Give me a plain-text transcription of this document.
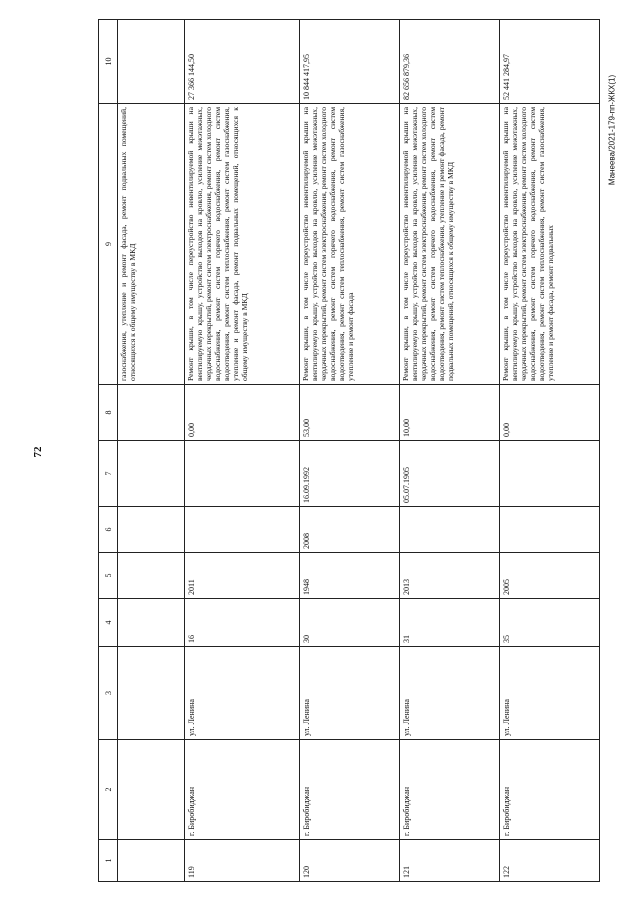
72
Манеева/2021-179-пп-ЖКХ(1)
1	2	3	4	5	6	7	8	9	10
								газоснабжения, утепление и ремонт фасада, ремонт подвальных помещений, относящихся к общему имуществу в МКД	
119	г. Биробиджан	ул. Ленина	16	2011			0,00	Ремонт крыши, в том числе переустройство невентилируемой крыши на вентилируемую крышу, устройство выходов на кровлю, усиление межэтажных, чердачных перекрытий, ремонт систем электроснабжения, ремонт систем холодного водоснабжения, ремонт систем горячего водоснабжения, ремонт систем водоотведения, ремонт систем теплоснабжения, ремонт систем газоснабжения, утепление и ремонт фасада, ремонт подвальных помещений, относящихся к общему имуществу в МКД	27 366 144,50
120	г. Биробиджан	ул. Ленина	30	1948	2008	16.09.1992	53,00	Ремонт крыши, в том числе переустройство невентилируемой крыши на вентилируемую крышу, устройство выходов на кровлю, усиление межэтажных, чердачных перекрытий, ремонт систем электроснабжения, ремонт систем холодного водоснабжения, ремонт систем горячего водоснабжения, ремонт систем водоотведения, ремонт систем теплоснабжения, ремонт систем газоснабжения, утепление и ремонт фасада	10 844 417,95
121	г. Биробиджан	ул. Ленина	31	2013		05.07.1905	10,00	Ремонт крыши, в том числе переустройство невентилируемой крыши на вентилируемую крышу, устройство выходов на кровлю, усиление межэтажных, чердачных перекрытий, ремонт систем электроснабжения, ремонт систем холодного водоснабжения, ремонт систем горячего водоснабжения, ремонт систем водоотведения, ремонт систем теплоснабжения, утепление и ремонт фасада, ремонт подвальных помещений, относящихся к общему имуществу в МКД	82 656 879,36
122	г. Биробиджан	ул. Ленина	35	2005			0,00	Ремонт крыши, в том числе переустройство невентилируемой крыши на вентилируемую крышу, устройство выходов на кровлю, усиление межэтажных, чердачных перекрытий, ремонт систем электроснабжения, ремонт систем холодного водоснабжения, ремонт систем горячего водоснабжения, ремонт систем водоотведения, ремонт систем теплоснабжения, ремонт систем газоснабжения, утепление и ремонт фасада, ремонт подвальных	52 441 284,97
